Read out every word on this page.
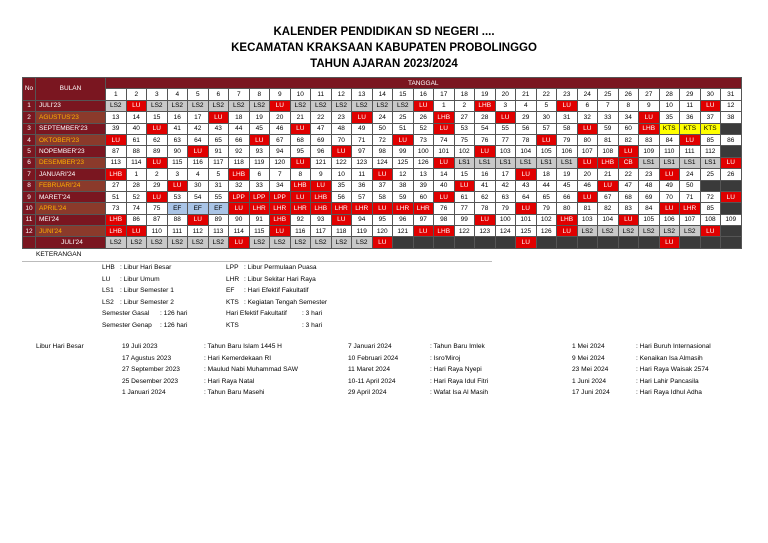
KALENDER PENDIDIKAN SD NEGERI ....
KECAMATAN KRAKSAAN KABUPATEN PROBOLINGGO
TAHUN AJARAN 2023/2024
No	BULAN	TANGGAL																														
		1	2	3	4	5	6	7	8	9	10	11	12	13	14	15	16	17	18	19	20	21	22	23	24	25	26	27	28	29	30	31
1	JULI'23	LS2	LU	LS2	LS2	LS2	LS2	LS2	LS2	LU	LS2	LS2	LS2	LS2	LS2	LS2	LU	1	2	LHB	3	4	5	LU	6	7	8	9	10	11	LU	12
2	AGUSTUS'23	13	14	15	16	17	LU	18	19	20	21	22	23	LU	24	25	26	LHB	27	28	LU	29	30	31	32	33	34	LU	35	36	37	38
3	SEPTEMBER'23	39	40	LU	41	42	43	44	45	46	LU	47	48	49	50	51	52	LU	53	54	55	56	57	58	LU	59	60	LHB	KTS	KTS	KTS	
4	OKTOBER'23	LU	61	62	63	64	65	66	LU	67	68	69	70	71	72	LU	73	74	75	76	77	78	LU	79	80	81	82	83	84	LU	85	86
5	NOPEMBER'23	87	88	89	90	LU	91	92	93	94	95	96	LU	97	98	99	100	101	102	LU	103	104	105	106	107	108	LU	109	110	111	112	
6	DESEMBER'23	113	114	LU	115	116	117	118	119	120	LU	121	122	123	124	125	126	LU	LS1	LS1	LS1	LS1	LS1	LS1	LU	LHB	CB	LS1	LS1	LS1	LS1	LU
7	JANUARI'24	LHB	1	2	3	4	5	LHB	6	7	8	9	10	11	LU	12	13	14	15	16	17	LU	18	19	20	21	22	23	LU	24	25	26
8	FEBRUARI'24	27	28	29	LU	30	31	32	33	34	LHB	LU	35	36	37	38	39	40	LU	41	42	43	44	45	46	LU	47	48	49	50		
9	MARET'24	51	52	LU	53	54	55	LPP	LPP	LPP	LU	LHB	56	57	58	59	60	LU	61	62	63	64	65	66	LU	67	68	69	70	71	72	LU
10	APRIL'24	73	74	75	EF	EF	EF	LU	LHR	LHR	LHR	LHB	LHR	LHR	LU	LHR	LHR	76	77	78	79	LU	79	80	81	82	83	84	LU	LHR	85	
11	MEI'24	LHB	86	87	88	LU	89	90	91	LHB	92	93	LU	94	95	96	97	98	99	LU	100	101	102	LHB	103	104	LU	105	106	107	108	109
12	JUNI'24	LHB	LU	110	111	112	113	114	115	LU	116	117	118	119	120	121	LU	LHB	122	123	124	125	126	LU	LS2	LS2	LS2	LS2	LS2	LS2	LU	
	JULI'24	LS2	LS2	LS2	LS2	LS2	LS2	LU	LS2	LS2	LS2	LS2	LS2	LS2	LU							LU							LU			
KETERANGAN
LHB : Libur Hari Besar
LU : Libur Umum
LS1 : Libur Semester 1
LS2 : Libur Semester 2
Semester Gasal : 126 hari
Semester Genap : 126 hari
LPP : Libur Permulaan Puasa
LHR : Libur Sekitar Hari Raya
EF : Hari Efektif Fakultatif
KTS : Kegiatan Tengah Semester
Hari Efektif Fakultatif : 3 hari
KTS	: 3 hari
Libur Hari Besar	19 Juli 2023	: Tahun Baru Islam 1445 H
17 Agustus 2023	: Hari Kemerdekaan RI
27 September 2023	: Maulud Nabi Muhammad SAW
25 Desember 2023	: Hari Raya Natal
1 Januari 2024	: Tahun Baru Masehi
7 Januari 2024	: Tahun Baru Imlek
10 Februari 2024	: Isro'Miroj
11 Maret 2024	: Hari Raya Nyepi
10-11 April 2024	: Hari Raya Idul Fitri
29 April 2024	: Wafat Isa Al Masih
1 Mei 2024	: Hari Buruh Internasional
9 Mei 2024	: Kenaikan Isa Almasih
23 Mei 2024	: Hari Raya Waisak 2574
1 Juni 2024	: Hari Lahir Pancasila
17 Juni 2024	: Hari Raya Idhul Adha
